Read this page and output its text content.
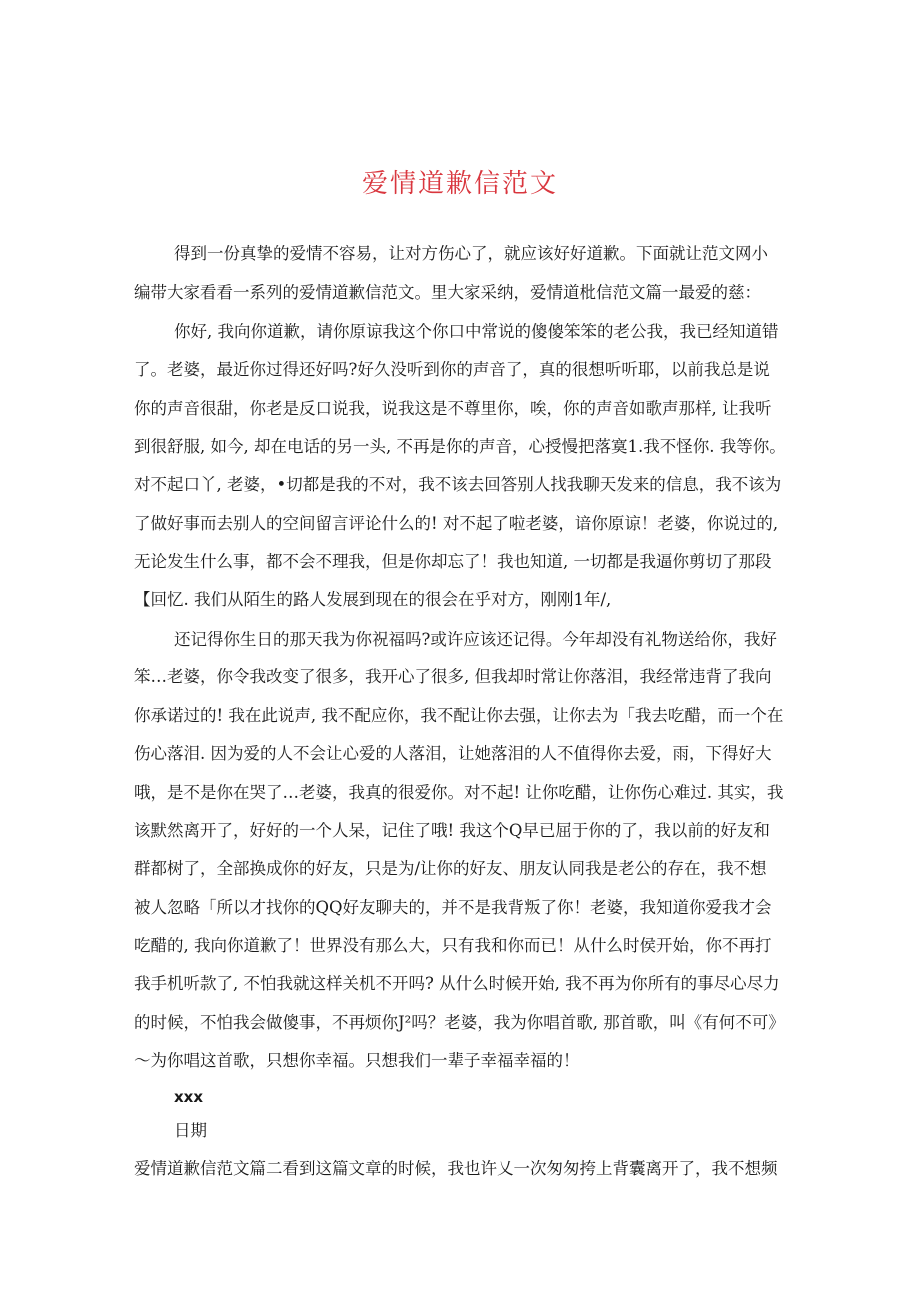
爱情道歉信范文
得到一份真挚的爱情不容易，让对方伤心了，就应该好好道歉。下面就让范文网小
编带大家看看一系列的爱情道歉信范文。里大家采纳，爱情道枇信范文篇一最爱的慈：
你好, 我向你道歉，请你原谅我这个你口中常说的傻傻笨笨的老公我，我已经知道错
了。老婆，最近你过得还好吗?好久没听到你的声音了，真的很想听听耶，以前我总是说
你的声音很甜，你老是反口说我，说我这是不尊里你，唉，你的声音如歌声那样, 让我听
到很舒服, 如今, 却在电话的另一头, 不再是你的声音，心授慢把落寞1.我不怪你. 我等你。
对不起口丫, 老婆，•切都是我的不对，我不该去回答别人找我聊天发来的信息，我不该为
了做好事而去别人的空间留言评论什么的! 对不起了啦老婆，谙你原谅！老婆，你说过的,
无论发生什么事，都不会不理我，但是你却忘了！我也知道, 一切都是我逼你剪切了那段
【回忆. 我们从陌生的路人发展到现在的很会在乎对方，刚刚1年/,
还记得你生日的那天我为你祝福吗?或许应该还记得。今年却没有礼物送给你，我好
笨…老婆，你令我改变了很多，我开心了很多, 但我却时常让你落泪，我经常违背了我向
你承诺过的! 我在此说声, 我不配应你，我不配让你去强，让你去为「我去吃醋，而一个在
伤心落泪. 因为爱的人不会让心爱的人落泪，让她落泪的人不值得你去爱，雨，下得好大
哦，是不是你在哭了…老婆，我真的很爱你。对不起! 让你吃醋，让你伤心难过. 其实，我
该默然离开了，好好的一个人呆，记住了哦! 我这个Q早已屈于你的了，我以前的好友和
群都树了，全部换成你的好友，只是为/让你的好友、朋友认同我是老公的存在，我不想
被人忽略「所以才找你的QQ好友聊夫的，并不是我背叛了你！老婆，我知道你爱我才会
吃醋的, 我向你道歉了！世界没有那么大，只有我和你而已！从什么时侯开始，你不再打
我手机听款了, 不怕我就这样关机不开吗? 从什么时候开始, 我不再为你所有的事尽心尽力
的时候，不怕我会做傻事，不再烦你J²吗？老婆，我为你唱首歌, 那首歌，叫《有何不可》
～为你唱这首歌，只想你幸福。只想我们一辈子幸福幸福的！
xxx
日期
爱情道歉信范文篇二看到这篇文章的时候，我也许乂一次匆匆挎上背囊离开了，我不想频
